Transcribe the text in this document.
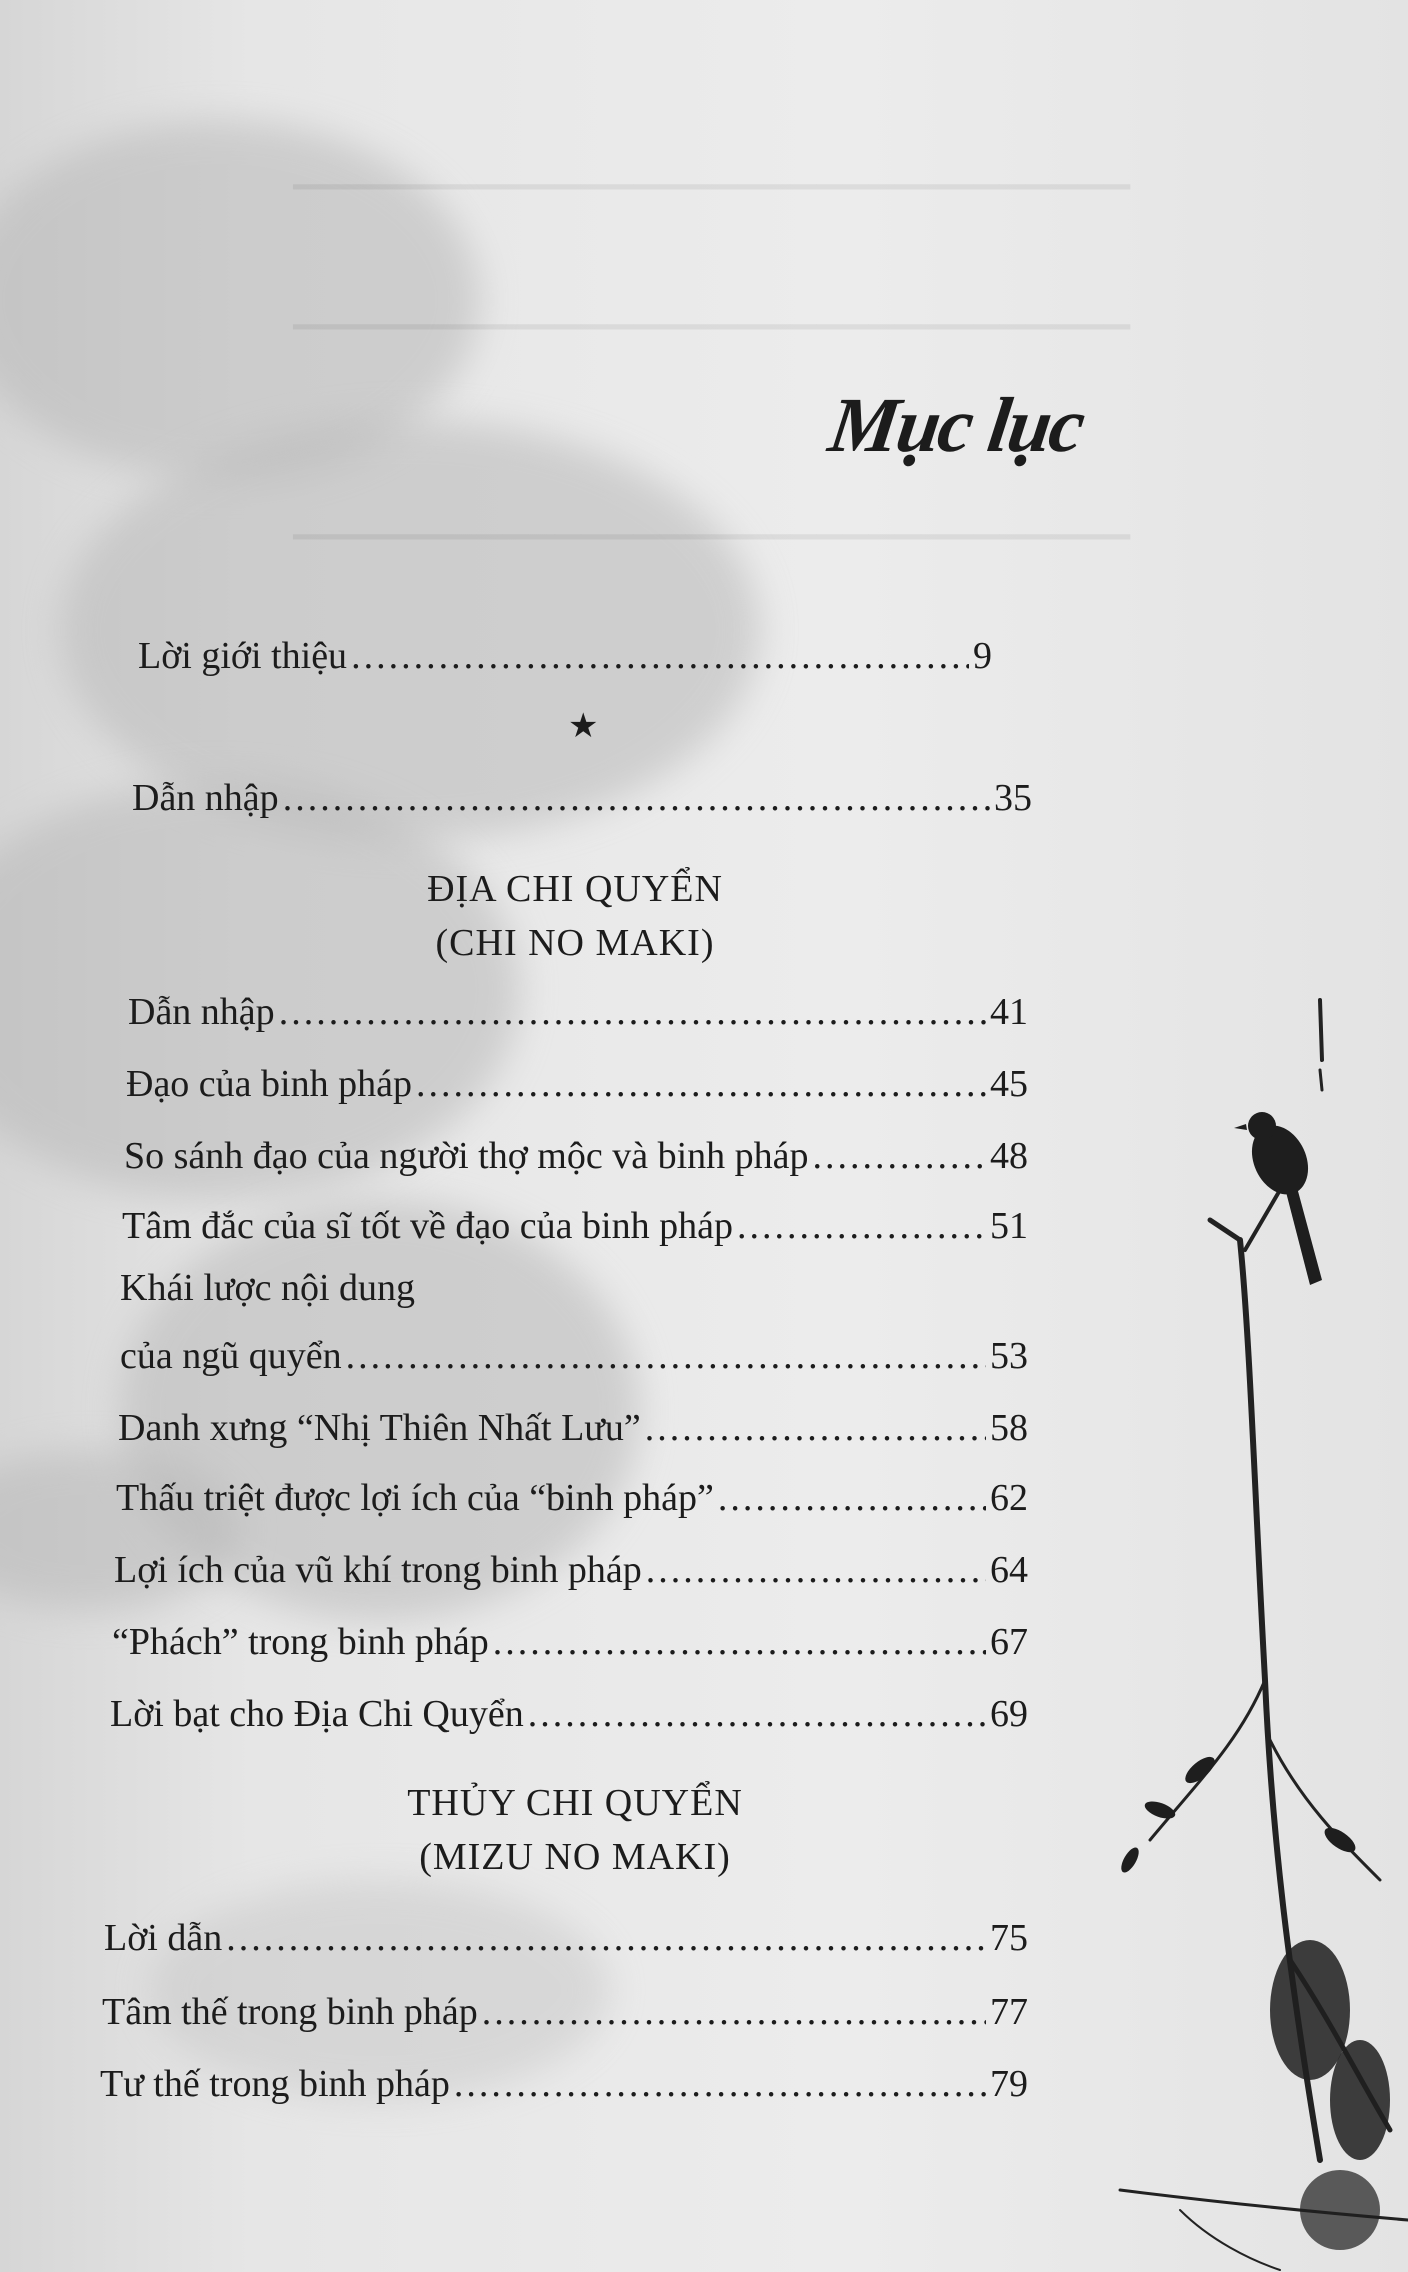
▁▁▁▁▁▁▁▁▁▁▁▁▁▁▁▁▁▁▁▁▁▁▁▁▁▁▁▁▁▁▁▁
▁▁▁▁▁▁▁▁▁▁▁▁▁▁▁▁▁▁▁▁▁▁▁▁▁▁▁▁▁▁▁▁
▁▁▁▁▁▁▁▁▁▁▁▁▁▁▁▁▁▁▁▁▁▁▁▁▁▁▁▁▁▁▁▁
Mục lục
Lời giới thiệu .....	9
★
Dẫn nhập .....	35
ĐỊA CHI QUYỂN
(CHI NO MAKI)
Dẫn nhập .....	41
Đạo của binh pháp .....	45
So sánh đạo của người thợ mộc và binh pháp .....	48
Tâm đắc của sĩ tốt về đạo của binh pháp .....	51
Khái lược nội dung
của ngũ quyển .....	53
Danh xưng “Nhị Thiên Nhất Lưu” .....	58
Thấu triệt được lợi ích của “binh pháp” .....	62
Lợi ích của vũ khí trong binh pháp .....	64
“Phách” trong binh pháp .....	67
Lời bạt cho Địa Chi Quyển .....	69
THỦY CHI QUYỂN
(MIZU NO MAKI)
Lời dẫn .....	75
Tâm thế trong binh pháp .....	77
Tư thế trong binh pháp .....	79
